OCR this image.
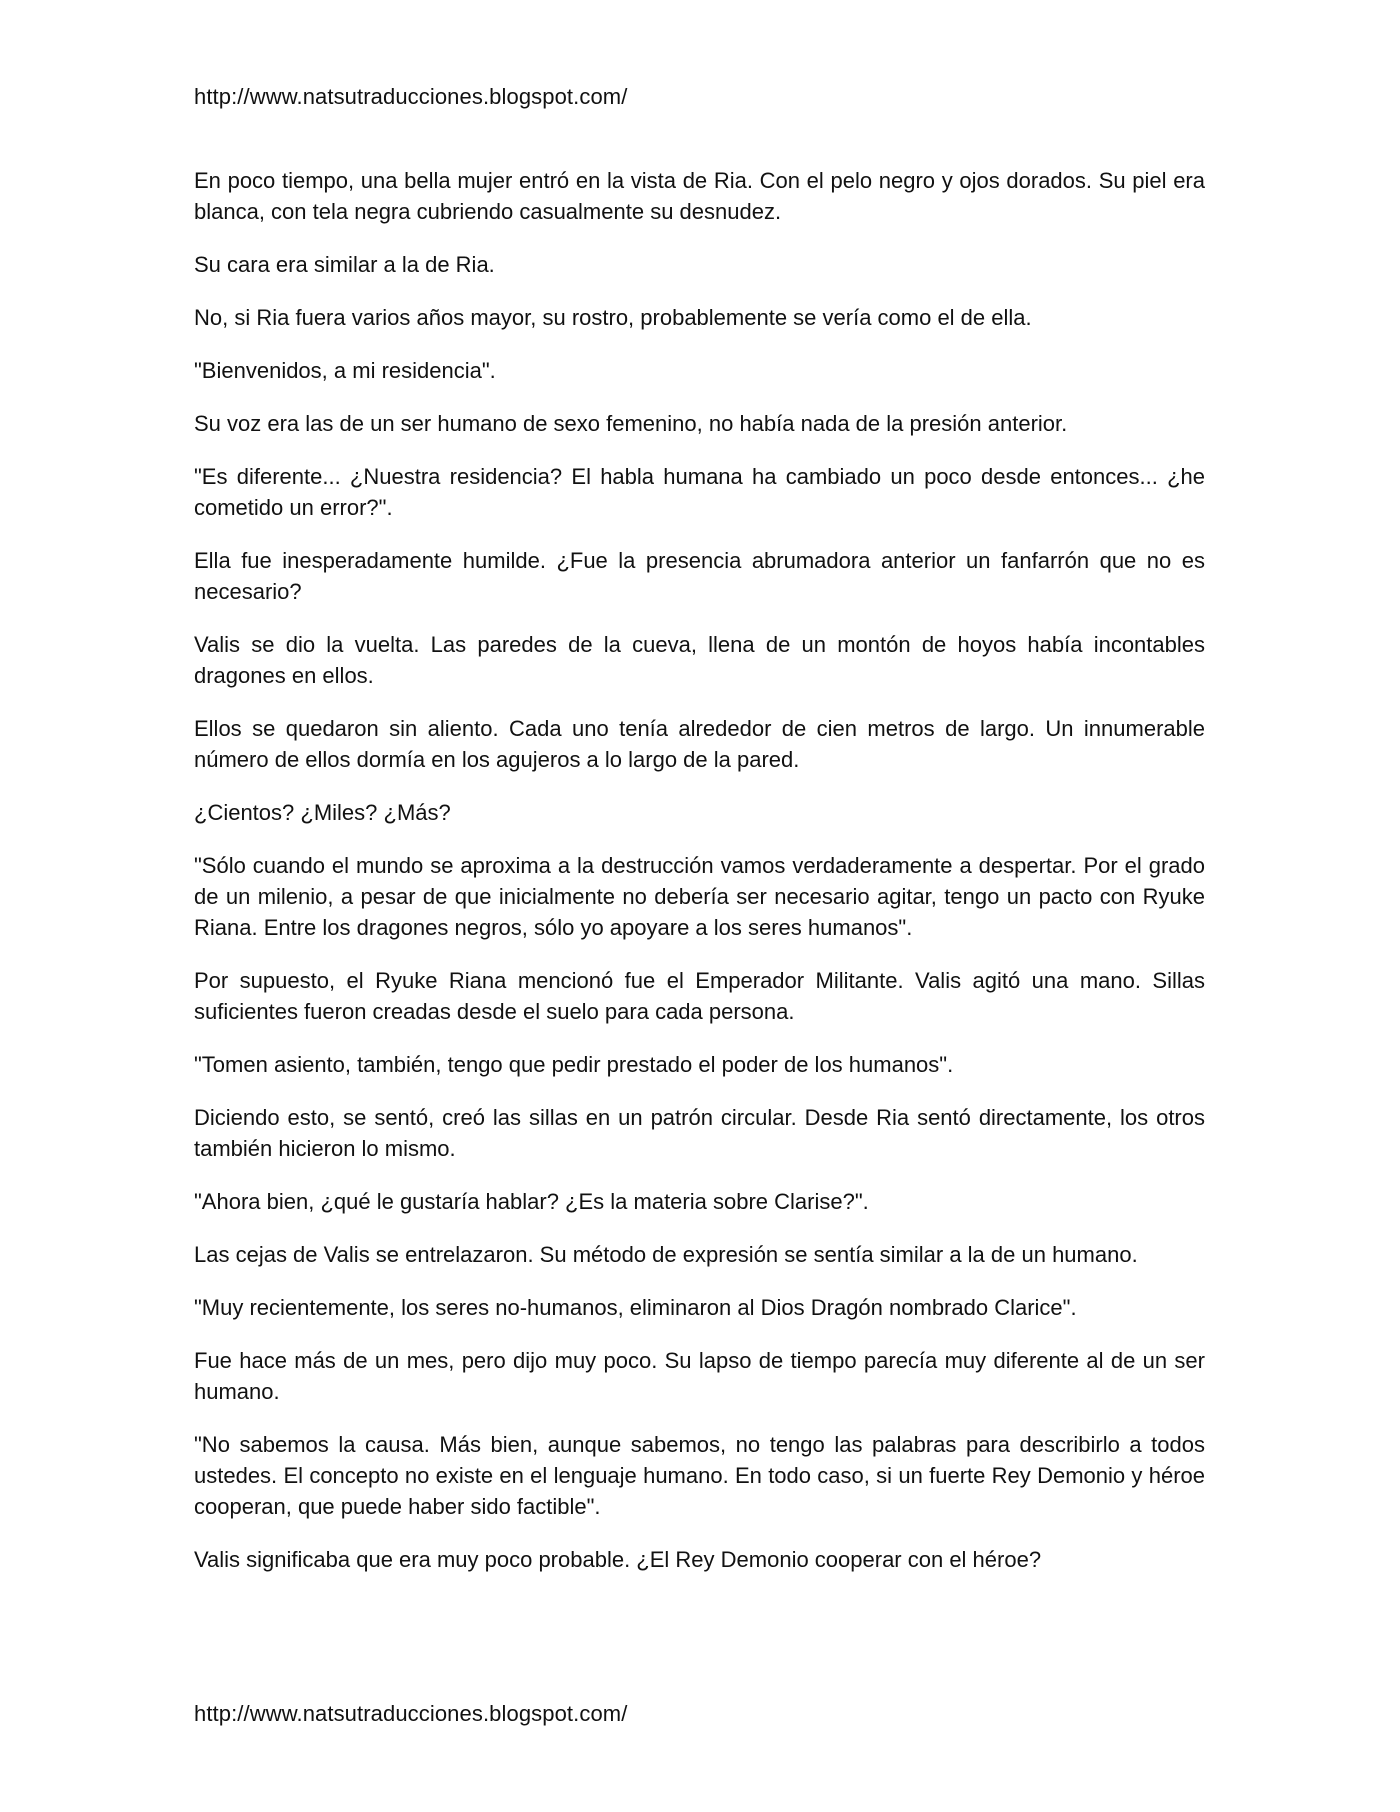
http://www.natsutraducciones.blogspot.com/

En poco tiempo, una bella mujer entró en la vista de Ria. Con el pelo negro y ojos dorados. Su piel era blanca, con tela negra cubriendo casualmente su desnudez.

Su cara era similar a la de Ria.

No, si Ria fuera varios años mayor, su rostro, probablemente se vería como el de ella.

"Bienvenidos, a mi residencia".

Su voz era las de un ser humano de sexo femenino, no había nada de la presión anterior.

"Es diferente... ¿Nuestra residencia? El habla humana ha cambiado un poco desde entonces... ¿he cometido un error?".

Ella fue inesperadamente humilde. ¿Fue la presencia abrumadora anterior un fanfarrón que no es necesario?

Valis se dio la vuelta. Las paredes de la cueva, llena de un montón de hoyos había incontables dragones en ellos.

Ellos se quedaron sin aliento. Cada uno tenía alrededor de cien metros de largo. Un innumerable número de ellos dormía en los agujeros a lo largo de la pared.

¿Cientos? ¿Miles? ¿Más?

"Sólo cuando el mundo se aproxima a la destrucción vamos verdaderamente a despertar. Por el grado de un milenio, a pesar de que inicialmente no debería ser necesario agitar, tengo un pacto con Ryuke Riana. Entre los dragones negros, sólo yo apoyare a los seres humanos".

Por supuesto, el Ryuke Riana mencionó fue el Emperador Militante. Valis agitó una mano. Sillas suficientes fueron creadas desde el suelo para cada persona.

"Tomen asiento, también, tengo que pedir prestado el poder de los humanos".

Diciendo esto, se sentó, creó las sillas en un patrón circular. Desde Ria sentó directamente, los otros también hicieron lo mismo.

"Ahora bien, ¿qué le gustaría hablar? ¿Es la materia sobre Clarise?".

Las cejas de Valis se entrelazaron. Su método de expresión se sentía similar a la de un humano.

"Muy recientemente, los seres no-humanos, eliminaron al Dios Dragón nombrado Clarice".

Fue hace más de un mes, pero dijo muy poco. Su lapso de tiempo parecía muy diferente al de un ser humano.

"No sabemos la causa. Más bien, aunque sabemos, no tengo las palabras para describirlo a todos ustedes. El concepto no existe en el lenguaje humano. En todo caso, si un fuerte Rey Demonio y héroe cooperan, que puede haber sido factible".

Valis significaba que era muy poco probable. ¿El Rey Demonio cooperar con el héroe?

http://www.natsutraducciones.blogspot.com/
